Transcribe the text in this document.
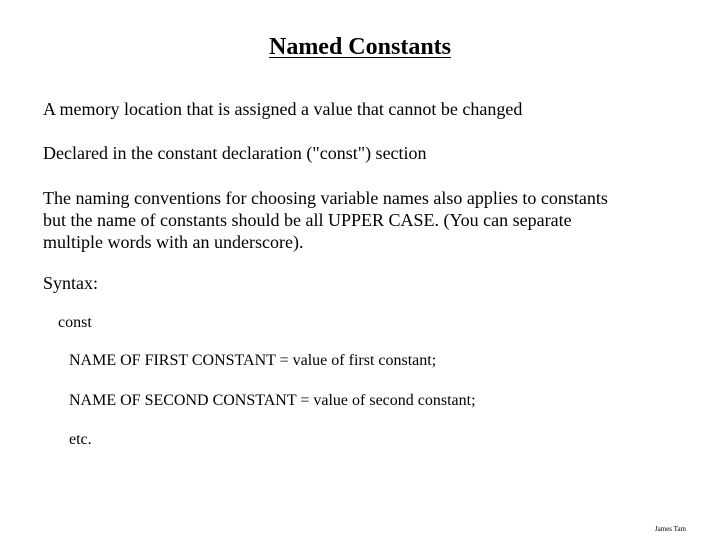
Named Constants

A memory location that is assigned a value that cannot be changed

Declared in the constant declaration ("const") section

The naming conventions for choosing variable names also applies to constants
but the name of constants should be all UPPER CASE. (You can separate
multiple words with an underscore).

Syntax:

const

NAME OF FIRST CONSTANT = value of first constant;

NAME OF SECOND CONSTANT = value of second constant;

etc.

James Tam
